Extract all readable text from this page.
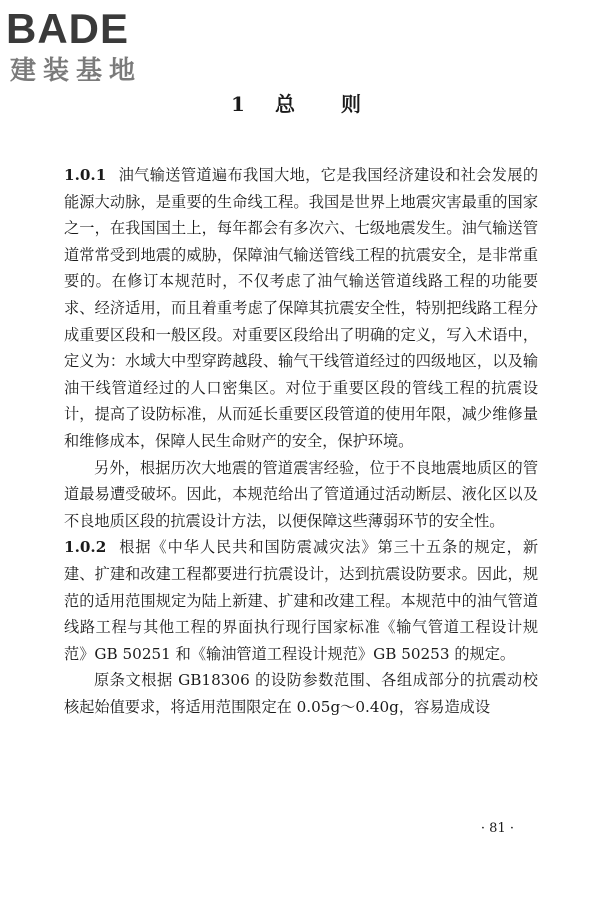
BADE
建装基地
1 总 则

1.0.1 油气输送管道遍布我国大地，它是我国经济建设和社会发展的能源大动脉，是重要的生命线工程。我国是世界上地震灾害最重的国家之一，在我国国土上，每年都会有多次六、七级地震发生。油气输送管道常常受到地震的威胁，保障油气输送管线工程的抗震安全，是非常重要的。在修订本规范时，不仅考虑了油气输送管道线路工程的功能要求、经济适用，而且着重考虑了保障其抗震安全性，特别把线路工程分成重要区段和一般区段。对重要区段给出了明确的定义，写入术语中，定义为：水域大中型穿跨越段、输气干线管道经过的四级地区，以及输油干线管道经过的人口密集区。对位于重要区段的管线工程的抗震设计，提高了设防标准，从而延长重要区段管道的使用年限，减少维修量和维修成本，保障人民生命财产的安全，保护环境。

另外，根据历次大地震的管道震害经验，位于不良地震地质区的管道最易遭受破坏。因此，本规范给出了管道通过活动断层、液化区以及不良地质区段的抗震设计方法，以便保障这些薄弱环节的安全性。

1.0.2 根据《中华人民共和国防震减灾法》第三十五条的规定，新建、扩建和改建工程都要进行抗震设计，达到抗震设防要求。因此，规范的适用范围规定为陆上新建、扩建和改建工程。本规范中的油气管道线路工程与其他工程的界面执行现行国家标准《输气管道工程设计规范》GB 50251 和《输油管道工程设计规范》GB 50253 的规定。

原条文根据 GB18306 的设防参数范围、各组成部分的抗震动校核起始值要求，将适用范围限定在 0.05g～0.40g，容易造成设

· 81 ·
